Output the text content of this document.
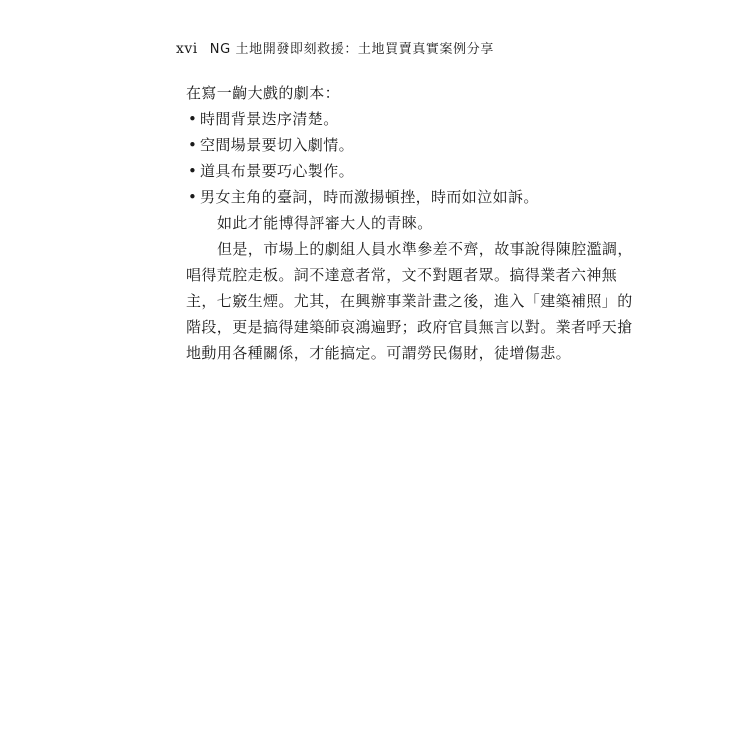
xvi NG 土地開發即刻救援：土地買賣真實案例分享
在寫一齣大戲的劇本：
• 時間背景迭序清楚。
• 空間場景要切入劇情。
• 道具布景要巧心製作。
• 男女主角的臺詞，時而激揚頓挫，時而如泣如訴。
如此才能博得評審大人的青睞。
但是，市場上的劇組人員水準參差不齊，故事說得陳腔濫調，
唱得荒腔走板。詞不達意者常，文不對題者眾。搞得業者六神無
主，七竅生煙。尤其，在興辦事業計畫之後，進入「建築補照」的
階段，更是搞得建築師哀鴻遍野；政府官員無言以對。業者呼天搶
地動用各種關係，才能搞定。可謂勞民傷財，徒增傷悲。
